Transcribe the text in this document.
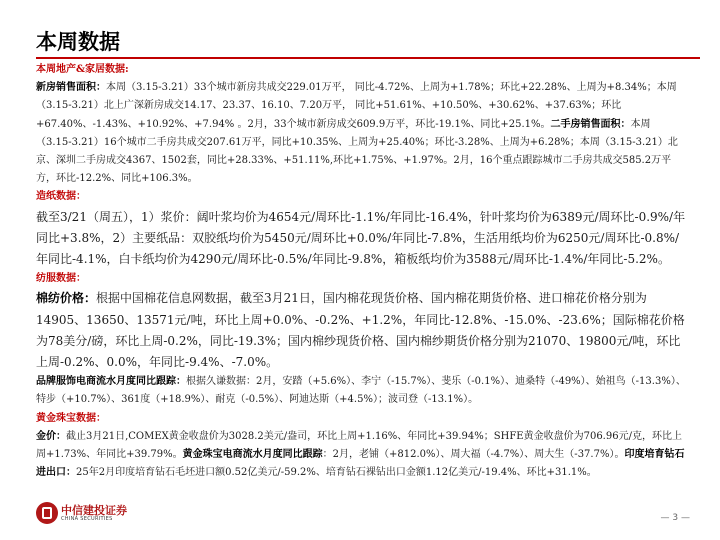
本周数据

本周地产&家居数据:

新房销售面积：本周（3.15-3.21）33个城市新房共成交229.01万平， 同比-4.72%、上周为+1.78%；环比+22.28%、上周为+8.34%；本周（3.15-3.21）北上广深新房成交14.17、23.37、16.10、7.20万平， 同比+51.61%、+10.50%、+30.62%、+37.63%；环比+67.40%、-1.43%、+10.92%、+7.94% 。2月，33个城市新房成交609.9万平，环比-19.1%、同比+25.1%。二手房销售面积：本周（3.15-3.21）16个城市二手房共成交207.61万平，同比+10.35%、上周为+25.40%；环比-3.28%、上周为+6.28%；本周（3.15-3.21）北京、深圳二手房成交4367、1502套，同比+28.33%、+51.11%,环比+1.75%、+1.97%。2月，16个重点跟踪城市二手房共成交585.2万平方，环比-12.2%、同比+106.3%。

造纸数据：

截至3/21（周五），1）浆价：阔叶浆均价为4654元/周环比-1.1%/年同比-16.4%，针叶浆均价为6389元/周环比-0.9%/年同比+3.8%，2）主要纸品：双胶纸均价为5450元/周环比+0.0%/年同比-7.8%，生活用纸均价为6250元/周环比-0.8%/年同比-4.1%，白卡纸均价为4290元/周环比-0.5%/年同比-9.8%，箱板纸均价为3588元/周环比-1.4%/年同比-5.2%。

纺服数据：

棉纺价格：根据中国棉花信息网数据，截至3月21日，国内棉花现货价格、国内棉花期货价格、进口棉花价格分别为14905、13650、13571元/吨，环比上周+0.0%、-0.2%、+1.2%，年同比-12.8%、-15.0%、-23.6%；国际棉花价格为78美分/磅，环比上周-0.2%，同比-19.3%；国内棉纱现货价格、国内棉纱期货价格分别为21070、19800元/吨，环比上周-0.2%、0.0%，年同比-9.4%、-7.0%。

品牌服饰电商流水月度同比跟踪：根据久谦数据：2月，安踏（+5.6%）、李宁（-15.7%）、斐乐（-0.1%）、迪桑特（-49%）、始祖鸟（-13.3%）、特步（+10.7%）、361度（+18.9%）、耐克（-0.5%）、阿迪达斯（+4.5%）；波司登（-13.1%）。

黄金珠宝数据：

金价：截止3月21日,COMEX黄金收盘价为3028.2美元/盎司，环比上周+1.16%、年同比+39.94%；SHFE黄金收盘价为706.96元/克，环比上周+1.73%、年同比+39.79%。黄金珠宝电商流水月度同比跟踪：2月，老铺（+812.0%）、周大福（-4.7%）、周大生（-37.7%）。印度培育钻石进出口：25年2月印度培育钻石毛坯进口额0.52亿美元/-59.2%、培育钻石裸钻出口金额1.12亿美元/-19.4%、环比+31.1%。

中信建投证券
CHINA SECURITIES	— 3 —
